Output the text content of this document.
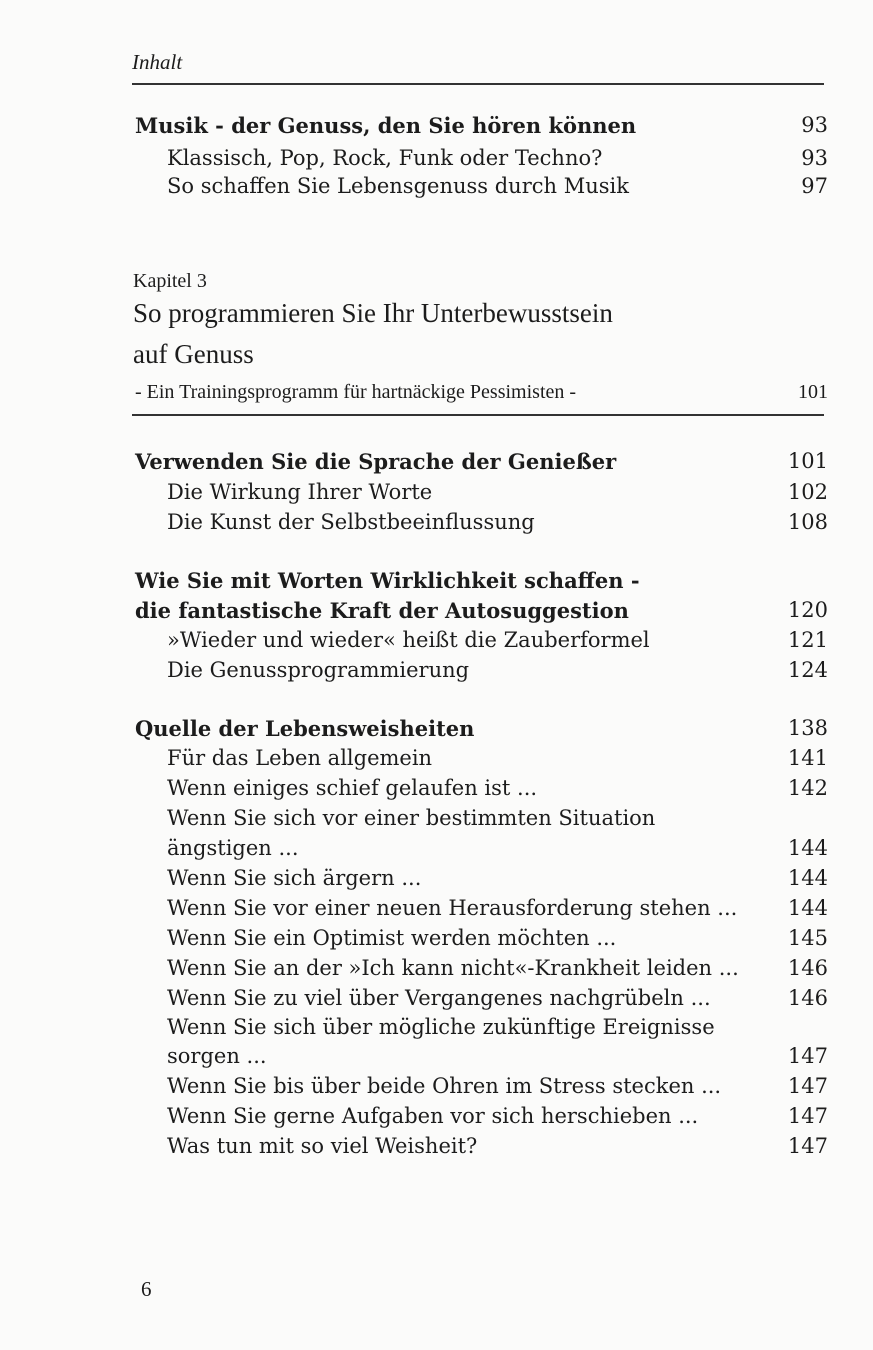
Inhalt
Musik - der Genuss, den Sie hören können	93
Klassisch, Pop, Rock, Funk oder Techno?	93
So schaffen Sie Lebensgenuss durch Musik	97
Kapitel 3
So programmieren Sie Ihr Unterbewusstsein
auf Genuss
- Ein Trainingsprogramm für hartnäckige Pessimisten -	101
Verwenden Sie die Sprache der Genießer	101
Die Wirkung Ihrer Worte	102
Die Kunst der Selbstbeeinflussung	108
Wie Sie mit Worten Wirklichkeit schaffen -
die fantastische Kraft der Autosuggestion	120
»Wieder und wieder« heißt die Zauberformel	121
Die Genussprogrammierung	124
Quelle der Lebensweisheiten	138
Für das Leben allgemein	141
Wenn einiges schief gelaufen ist ...	142
Wenn Sie sich vor einer bestimmten Situation
ängstigen ...	144
Wenn Sie sich ärgern ...	144
Wenn Sie vor einer neuen Herausforderung stehen ... 144
Wenn Sie ein Optimist werden möchten ...	145
Wenn Sie an der »Ich kann nicht«-Krankheit leiden ... 146
Wenn Sie zu viel über Vergangenes nachgrübeln ...	146
Wenn Sie sich über mögliche zukünftige Ereignisse
sorgen ...	147
Wenn Sie bis über beide Ohren im Stress stecken ...	147
Wenn Sie gerne Aufgaben vor sich herschieben ...	147
Was tun mit so viel Weisheit?	147
6
